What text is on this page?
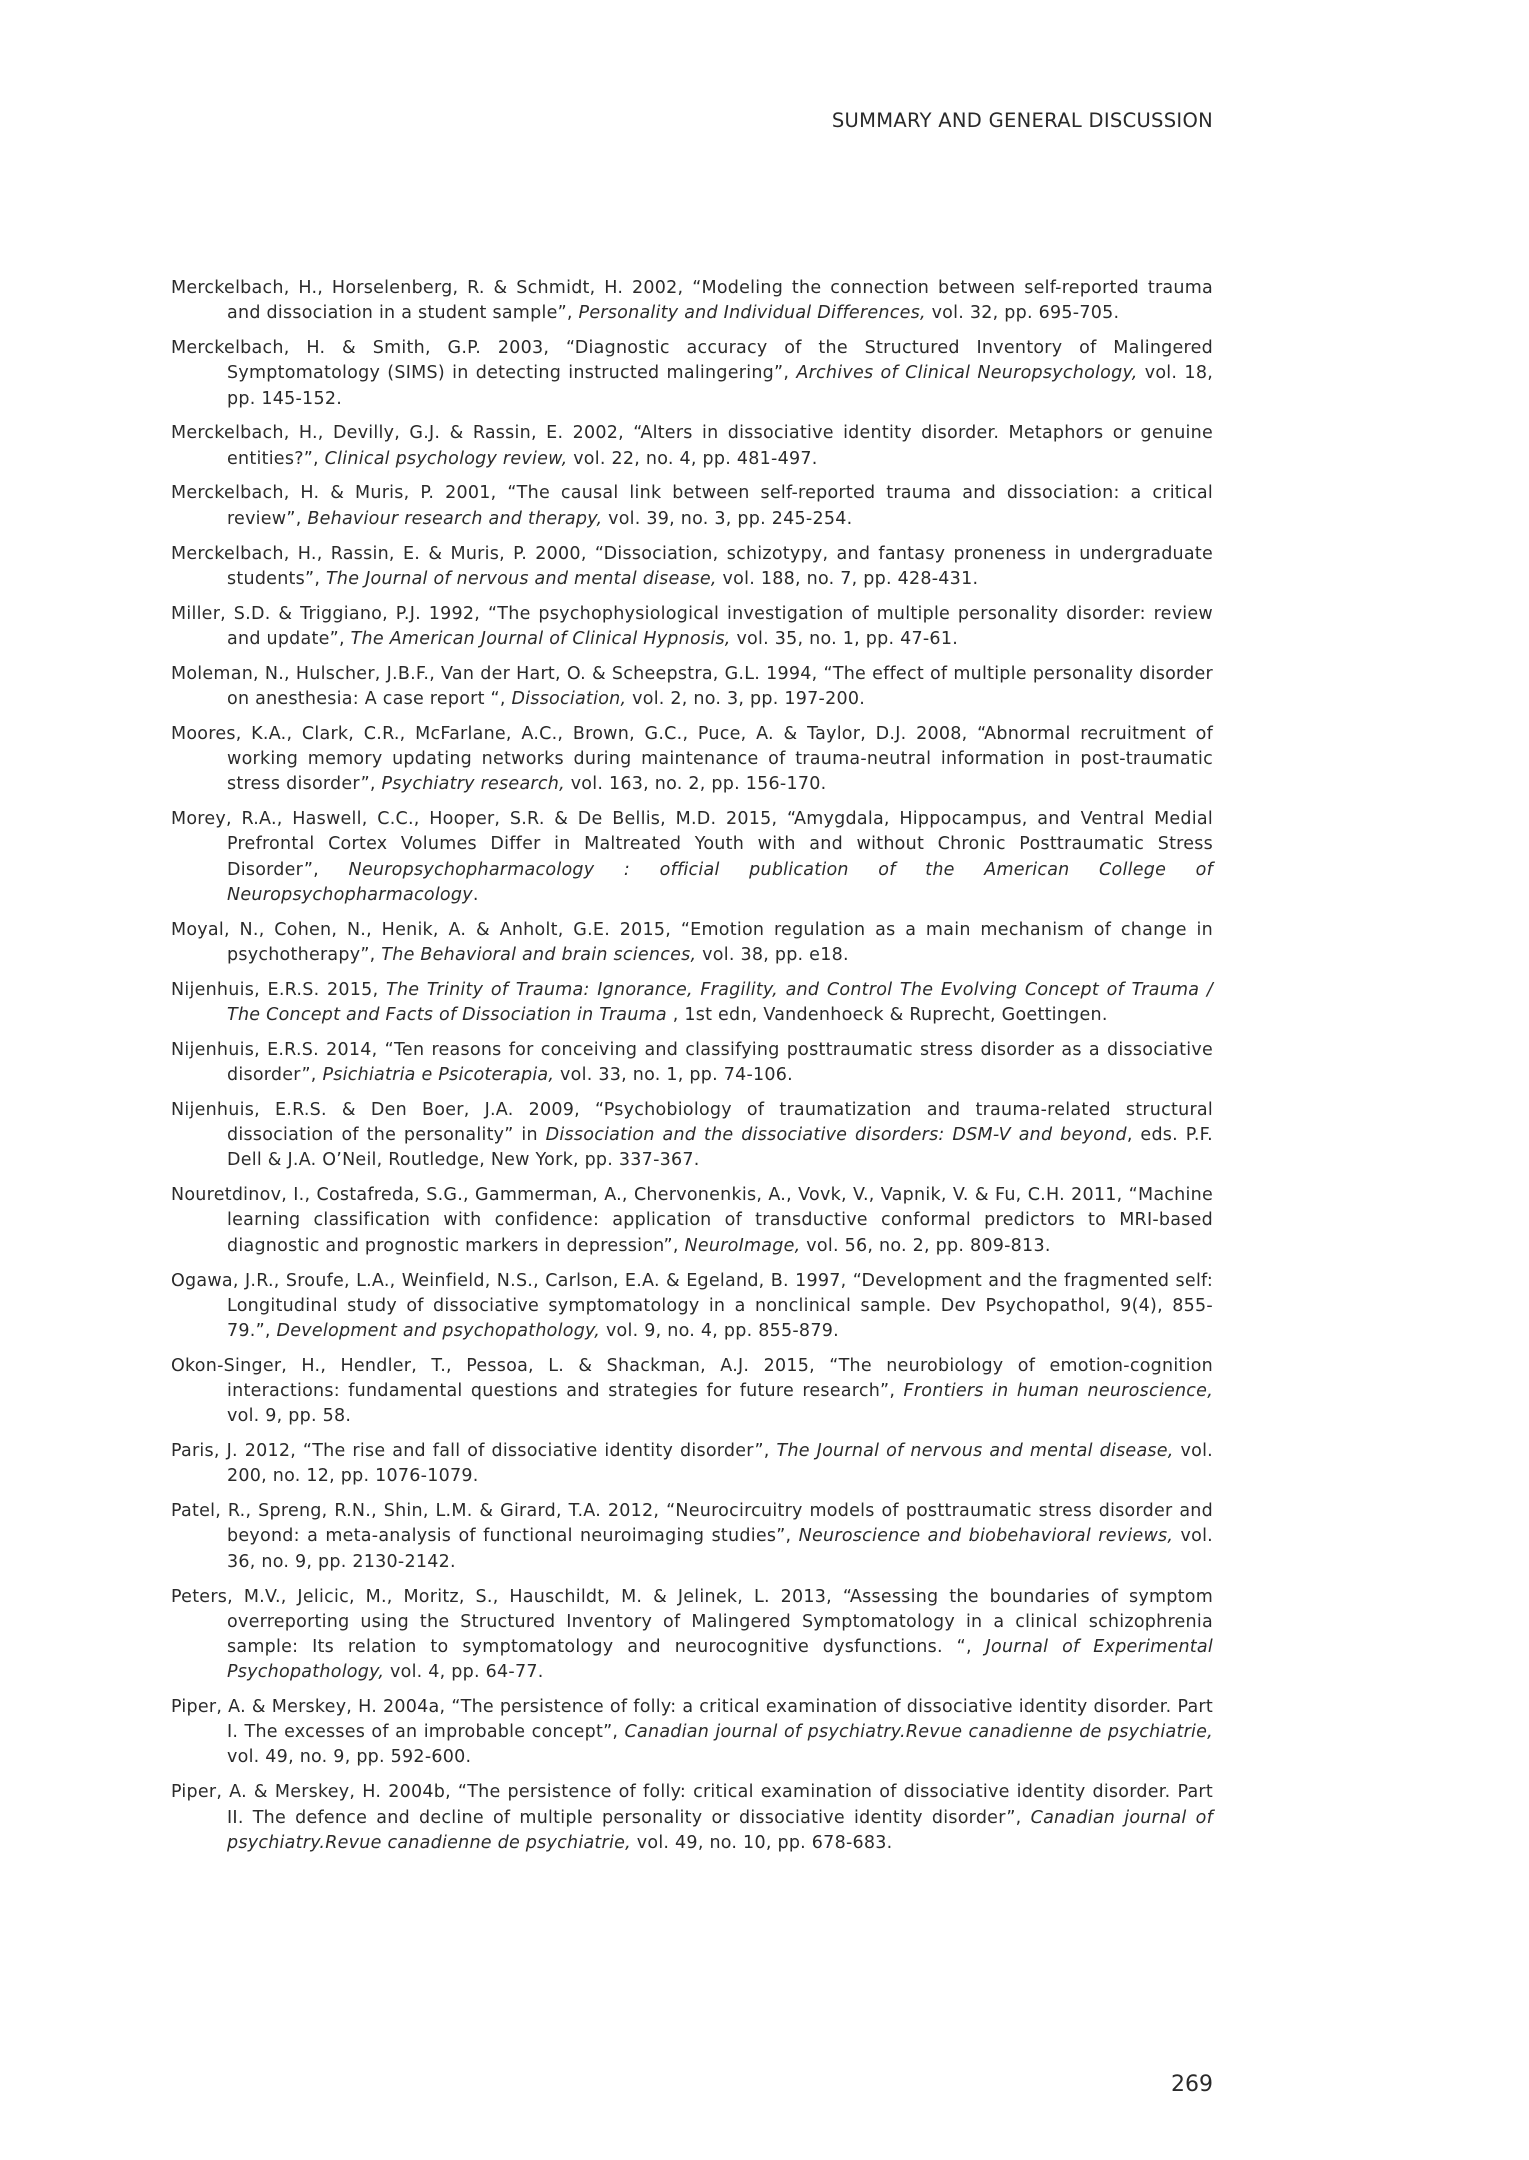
SUMMARY AND GENERAL DISCUSSION
Merckelbach, H., Horselenberg, R. & Schmidt, H. 2002, “Modeling the connection between self-reported trauma and dissociation in a student sample”, Personality and Individual Differences, vol. 32, pp. 695-705.
Merckelbach, H. & Smith, G.P. 2003, “Diagnostic accuracy of the Structured Inventory of Malingered Symptomatology (SIMS) in detecting instructed malingering”, Archives of Clinical Neuropsychology, vol. 18, pp. 145-152.
Merckelbach, H., Devilly, G.J. & Rassin, E. 2002, “Alters in dissociative identity disorder. Metaphors or genuine entities?”, Clinical psychology review, vol. 22, no. 4, pp. 481-497.
Merckelbach, H. & Muris, P. 2001, “The causal link between self-reported trauma and dissociation: a critical review”, Behaviour research and therapy, vol. 39, no. 3, pp. 245-254.
Merckelbach, H., Rassin, E. & Muris, P. 2000, “Dissociation, schizotypy, and fantasy proneness in undergraduate students”, The Journal of nervous and mental disease, vol. 188, no. 7, pp. 428-431.
Miller, S.D. & Triggiano, P.J. 1992, “The psychophysiological investigation of multiple personality disorder: review and update”, The American Journal of Clinical Hypnosis, vol. 35, no. 1, pp. 47-61.
Moleman, N., Hulscher, J.B.F., Van der Hart, O. & Scheepstra, G.L. 1994, “The effect of multiple personality disorder on anesthesia: A case report “, Dissociation, vol. 2, no. 3, pp. 197-200.
Moores, K.A., Clark, C.R., McFarlane, A.C., Brown, G.C., Puce, A. & Taylor, D.J. 2008, “Abnormal recruitment of working memory updating networks during maintenance of trauma-neutral information in post-traumatic stress disorder”, Psychiatry research, vol. 163, no. 2, pp. 156-170.
Morey, R.A., Haswell, C.C., Hooper, S.R. & De Bellis, M.D. 2015, “Amygdala, Hippocampus, and Ventral Medial Prefrontal Cortex Volumes Differ in Maltreated Youth with and without Chronic Posttraumatic Stress Disorder”, Neuropsychopharmacology : official publication of the American College of Neuropsychopharmacology.
Moyal, N., Cohen, N., Henik, A. & Anholt, G.E. 2015, “Emotion regulation as a main mechanism of change in psychotherapy”, The Behavioral and brain sciences, vol. 38, pp. e18.
Nijenhuis, E.R.S. 2015, The Trinity of Trauma: Ignorance, Fragility, and Control The Evolving Concept of Trauma / The Concept and Facts of Dissociation in Trauma , 1st edn, Vandenhoeck & Ruprecht, Goettingen.
Nijenhuis, E.R.S. 2014, “Ten reasons for conceiving and classifying posttraumatic stress disorder as a dissociative disorder”, Psichiatria e Psicoterapia, vol. 33, no. 1, pp. 74-106.
Nijenhuis, E.R.S. & Den Boer, J.A. 2009, “Psychobiology of traumatization and trauma-related structural dissociation of the personality” in Dissociation and the dissociative disorders: DSM-V and beyond, eds. P.F. Dell & J.A. O’Neil, Routledge, New York, pp. 337-367.
Nouretdinov, I., Costafreda, S.G., Gammerman, A., Chervonenkis, A., Vovk, V., Vapnik, V. & Fu, C.H. 2011, “Machine learning classification with confidence: application of transductive conformal predictors to MRI-based diagnostic and prognostic markers in depression”, NeuroImage, vol. 56, no. 2, pp. 809-813.
Ogawa, J.R., Sroufe, L.A., Weinfield, N.S., Carlson, E.A. & Egeland, B. 1997, “Development and the fragmented self: Longitudinal study of dissociative symptomatology in a nonclinical sample. Dev Psychopathol, 9(4), 855-79.”, Development and psychopathology, vol. 9, no. 4, pp. 855-879.
Okon-Singer, H., Hendler, T., Pessoa, L. & Shackman, A.J. 2015, “The neurobiology of emotion-cognition interactions: fundamental questions and strategies for future research”, Frontiers in human neuroscience, vol. 9, pp. 58.
Paris, J. 2012, “The rise and fall of dissociative identity disorder”, The Journal of nervous and mental disease, vol. 200, no. 12, pp. 1076-1079.
Patel, R., Spreng, R.N., Shin, L.M. & Girard, T.A. 2012, “Neurocircuitry models of posttraumatic stress disorder and beyond: a meta-analysis of functional neuroimaging studies”, Neuroscience and biobehavioral reviews, vol. 36, no. 9, pp. 2130-2142.
Peters, M.V., Jelicic, M., Moritz, S., Hauschildt, M. & Jelinek, L. 2013, “Assessing the boundaries of symptom overreporting using the Structured Inventory of Malingered Symptomatology in a clinical schizophrenia sample: Its relation to symptomatology and neurocognitive dysfunctions. “, Journal of Experimental Psychopathology, vol. 4, pp. 64-77.
Piper, A. & Merskey, H. 2004a, “The persistence of folly: a critical examination of dissociative identity disorder. Part I. The excesses of an improbable concept”, Canadian journal of psychiatry.Revue canadienne de psychiatrie, vol. 49, no. 9, pp. 592-600.
Piper, A. & Merskey, H. 2004b, “The persistence of folly: critical examination of dissociative identity disorder. Part II. The defence and decline of multiple personality or dissociative identity disorder”, Canadian journal of psychiatry.Revue canadienne de psychiatrie, vol. 49, no. 10, pp. 678-683.
269
